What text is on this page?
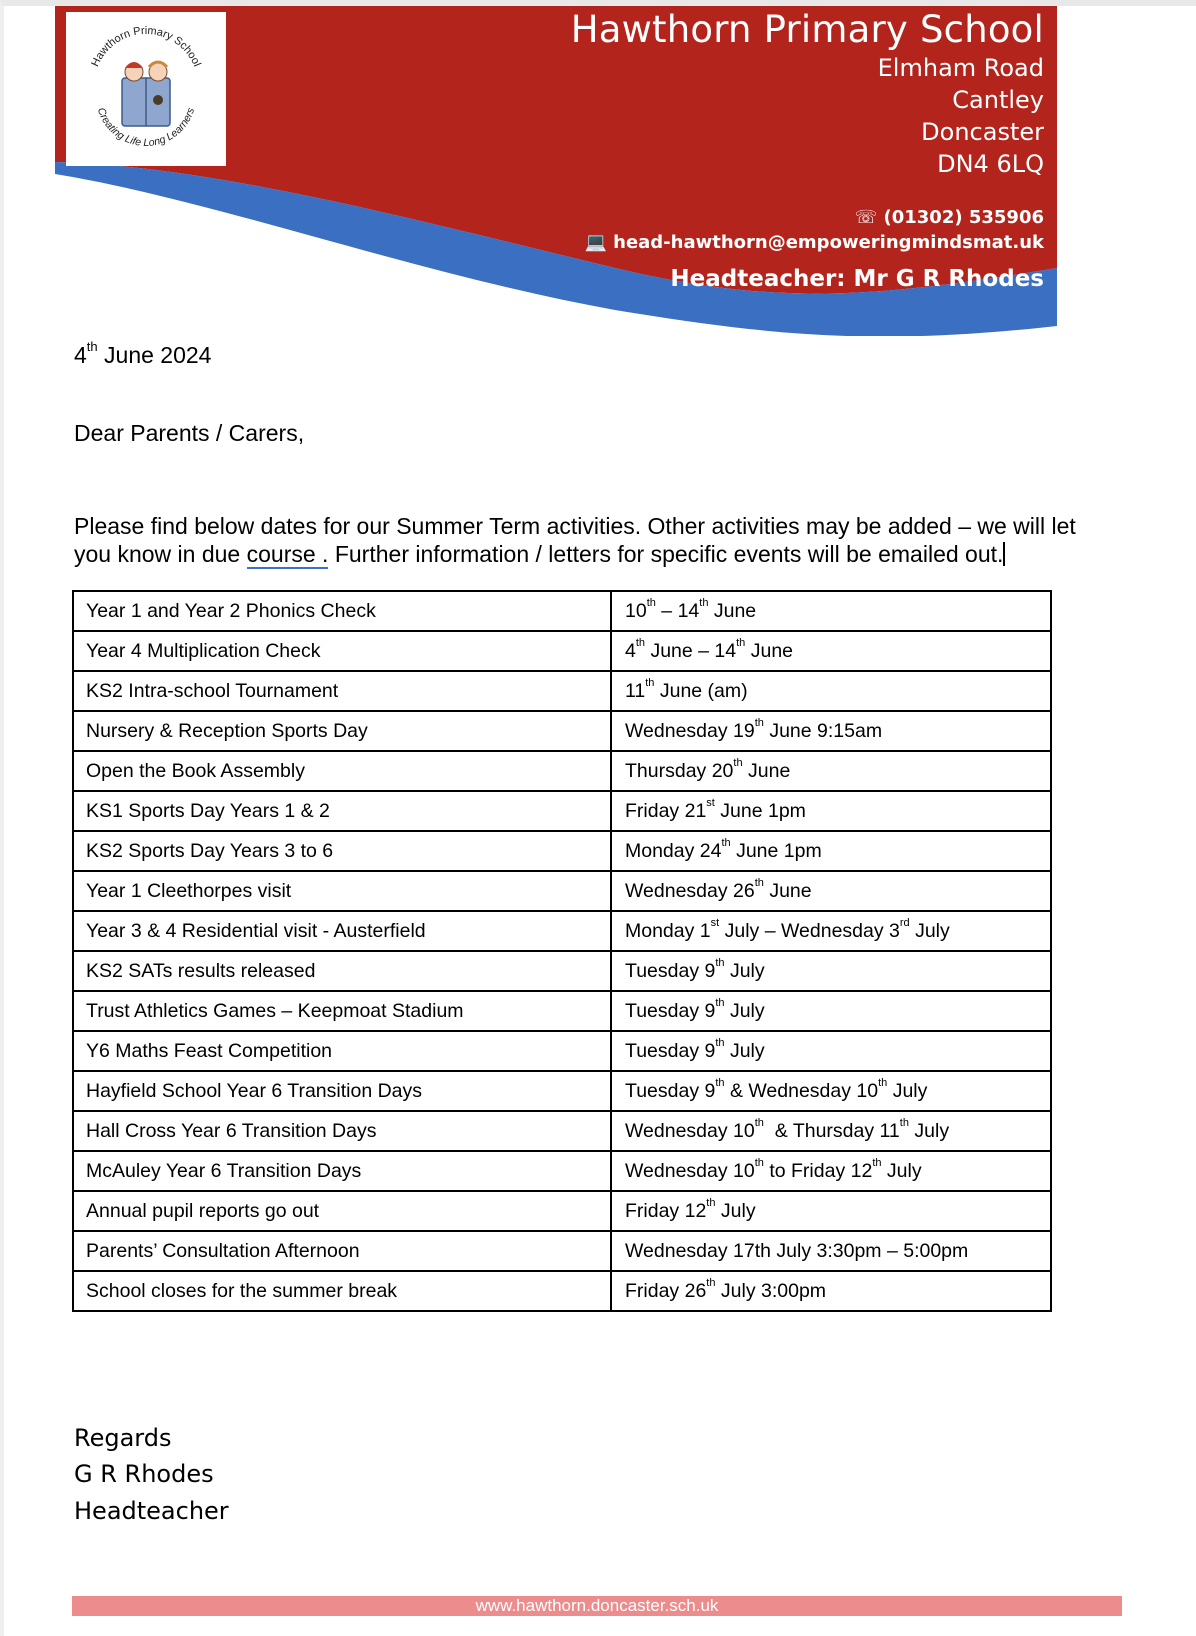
Hawthorn Primary School
Creating Life Long Learners
Hawthorn Primary School
Elmham Road
Cantley
Doncaster
DN4 6LQ
☏ (01302) 535906
💻 head-hawthorn@empoweringmindsmat.uk
Headteacher: Mr G R Rhodes
4th June 2024
Dear Parents / Carers,
Please find below dates for our Summer Term activities. Other activities may be added – we will let you know in due course . Further information / letters for specific events will be emailed out.
Year 1 and Year 2 Phonics Check	10th – 14th June
Year 4 Multiplication Check	4th June – 14th June
KS2 Intra-school Tournament	11th June (am)
Nursery & Reception Sports Day	Wednesday 19th June 9:15am
Open the Book Assembly	Thursday 20th June
KS1 Sports Day Years 1 & 2	Friday 21st June 1pm
KS2 Sports Day Years 3 to 6	Monday 24th June 1pm
Year 1 Cleethorpes visit	Wednesday 26th June
Year 3 & 4 Residential visit - Austerfield	Monday 1st July – Wednesday 3rd July
KS2 SATs results released	Tuesday 9th July
Trust Athletics Games – Keepmoat Stadium	Tuesday 9th July
Y6 Maths Feast Competition	Tuesday 9th July
Hayfield School Year 6 Transition Days	Tuesday 9th & Wednesday 10th July
Hall Cross Year 6 Transition Days	Wednesday 10th  & Thursday 11th July
McAuley Year 6 Transition Days	Wednesday 10th to Friday 12th July
Annual pupil reports go out	Friday 12th July
Parents’ Consultation Afternoon	Wednesday 17th July 3:30pm – 5:00pm
School closes for the summer break	Friday 26th July 3:00pm
Regards
G R Rhodes
Headteacher
www.hawthorn.doncaster.sch.uk
